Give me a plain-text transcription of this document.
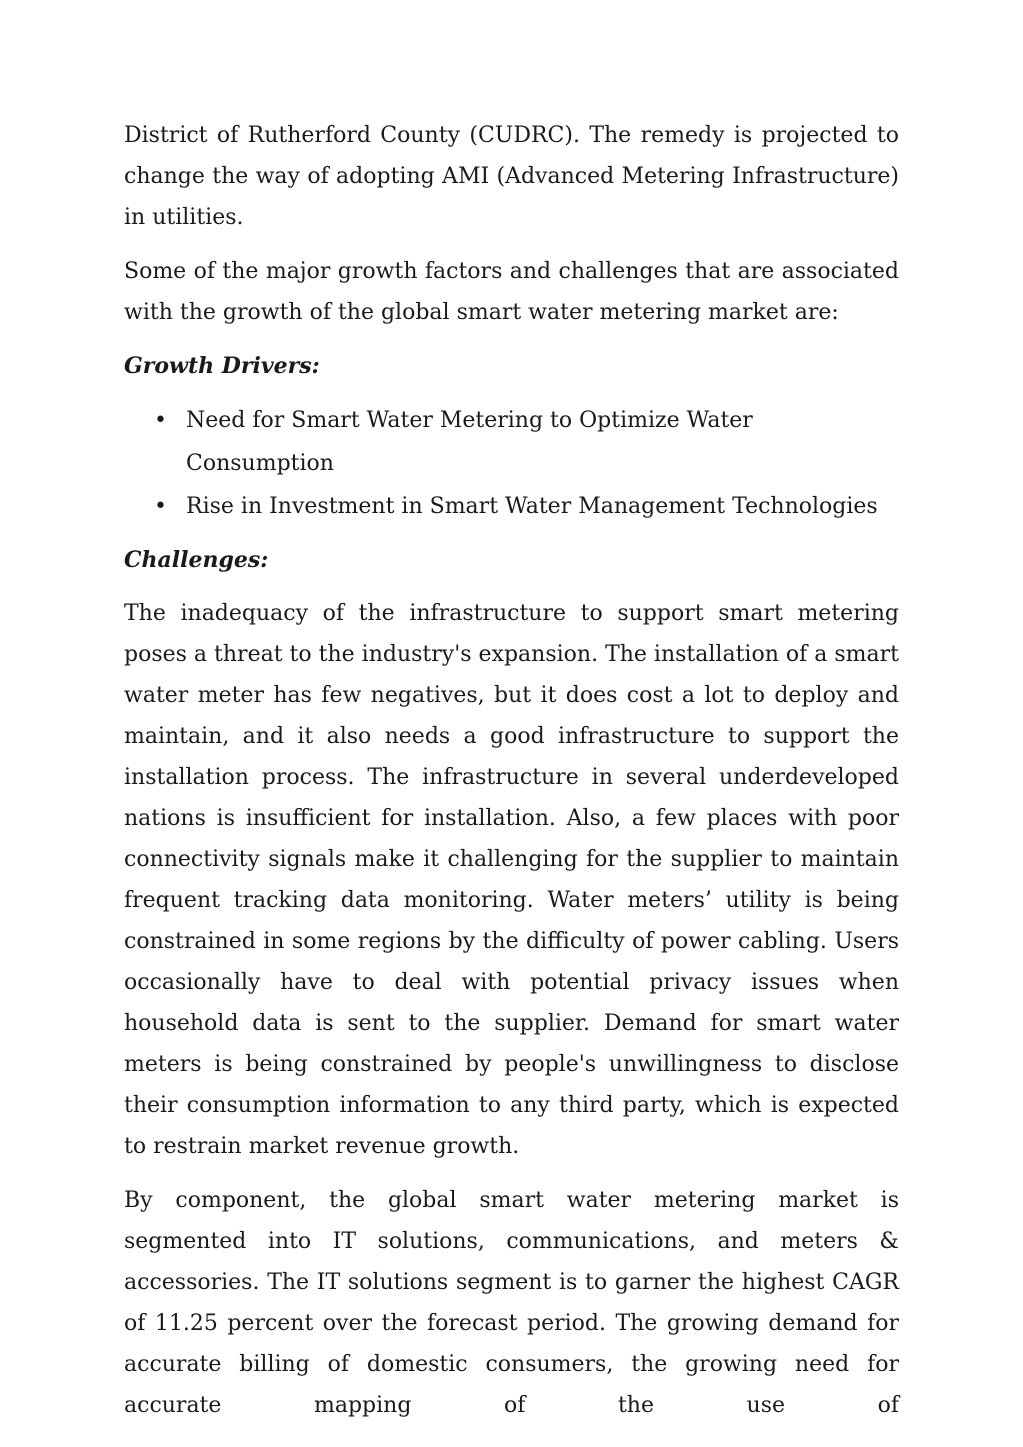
District of Rutherford County (CUDRC). The remedy is projected to change the way of adopting AMI (Advanced Metering Infrastructure) in utilities.

Some of the major growth factors and challenges that are associated with the growth of the global smart water metering market are:

Growth Drivers:
• Need for Smart Water Metering to Optimize Water Consumption
• Rise in Investment in Smart Water Management Technologies
Challenges:

The inadequacy of the infrastructure to support smart metering poses a threat to the industry's expansion. The installation of a smart water meter has few negatives, but it does cost a lot to deploy and maintain, and it also needs a good infrastructure to support the installation process. The infrastructure in several underdeveloped nations is insufficient for installation. Also, a few places with poor connectivity signals make it challenging for the supplier to maintain frequent tracking data monitoring. Water meters’ utility is being constrained in some regions by the difficulty of power cabling. Users occasionally have to deal with potential privacy issues when household data is sent to the supplier. Demand for smart water meters is being constrained by people's unwillingness to disclose their consumption information to any third party, which is expected to restrain market revenue growth.

By component, the global smart water metering market is segmented into IT solutions, communications, and meters & accessories. The IT solutions segment is to garner the highest CAGR of 11.25 percent over the forecast period. The growing demand for accurate billing of domestic consumers, the growing need for accurate mapping of the use of
